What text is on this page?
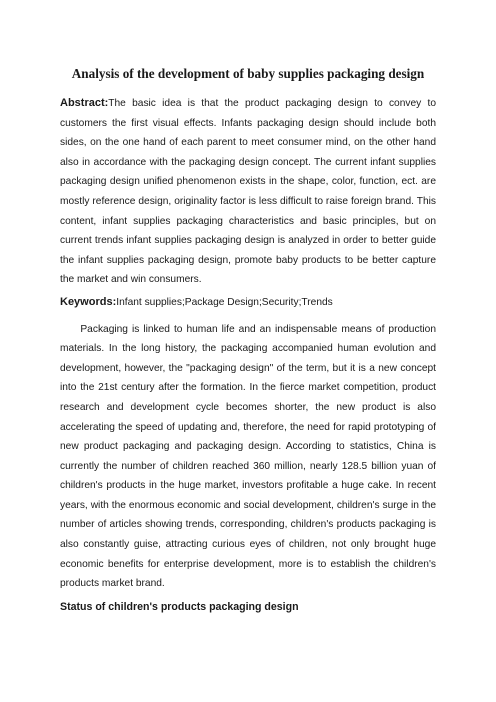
Analysis of the development of baby supplies packaging design

Abstract:The basic idea is that the product packaging design to convey to customers the first visual effects. Infants packaging design should include both sides, on the one hand of each parent to meet consumer mind, on the other hand also in accordance with the packaging design concept. The current infant supplies packaging design unified phenomenon exists in the shape, color, function, ect. are mostly reference design, originality factor is less difficult to raise foreign brand. This content, infant supplies packaging characteristics and basic principles, but on current trends infant supplies packaging design is analyzed in order to better guide the infant supplies packaging design, promote baby products to be better capture the market and win consumers.

Keywords:Infant supplies;Package Design;Security;Trends

Packaging is linked to human life and an indispensable means of production materials. In the long history, the packaging accompanied human evolution and development, however, the "packaging design" of the term, but it is a new concept into the 21st century after the formation. In the fierce market competition, product research and development cycle becomes shorter, the new product is also accelerating the speed of updating and, therefore, the need for rapid prototyping of new product packaging and packaging design. According to statistics, China is currently the number of children reached 360 million, nearly 128.5 billion yuan of children's products in the huge market, investors profitable a huge cake. In recent years, with the enormous economic and social development, children's surge in the number of articles showing trends, corresponding, children's products packaging is also constantly guise, attracting curious eyes of children, not only brought huge economic benefits for enterprise development, more is to establish the children's products market brand.

Status of children's products packaging design
